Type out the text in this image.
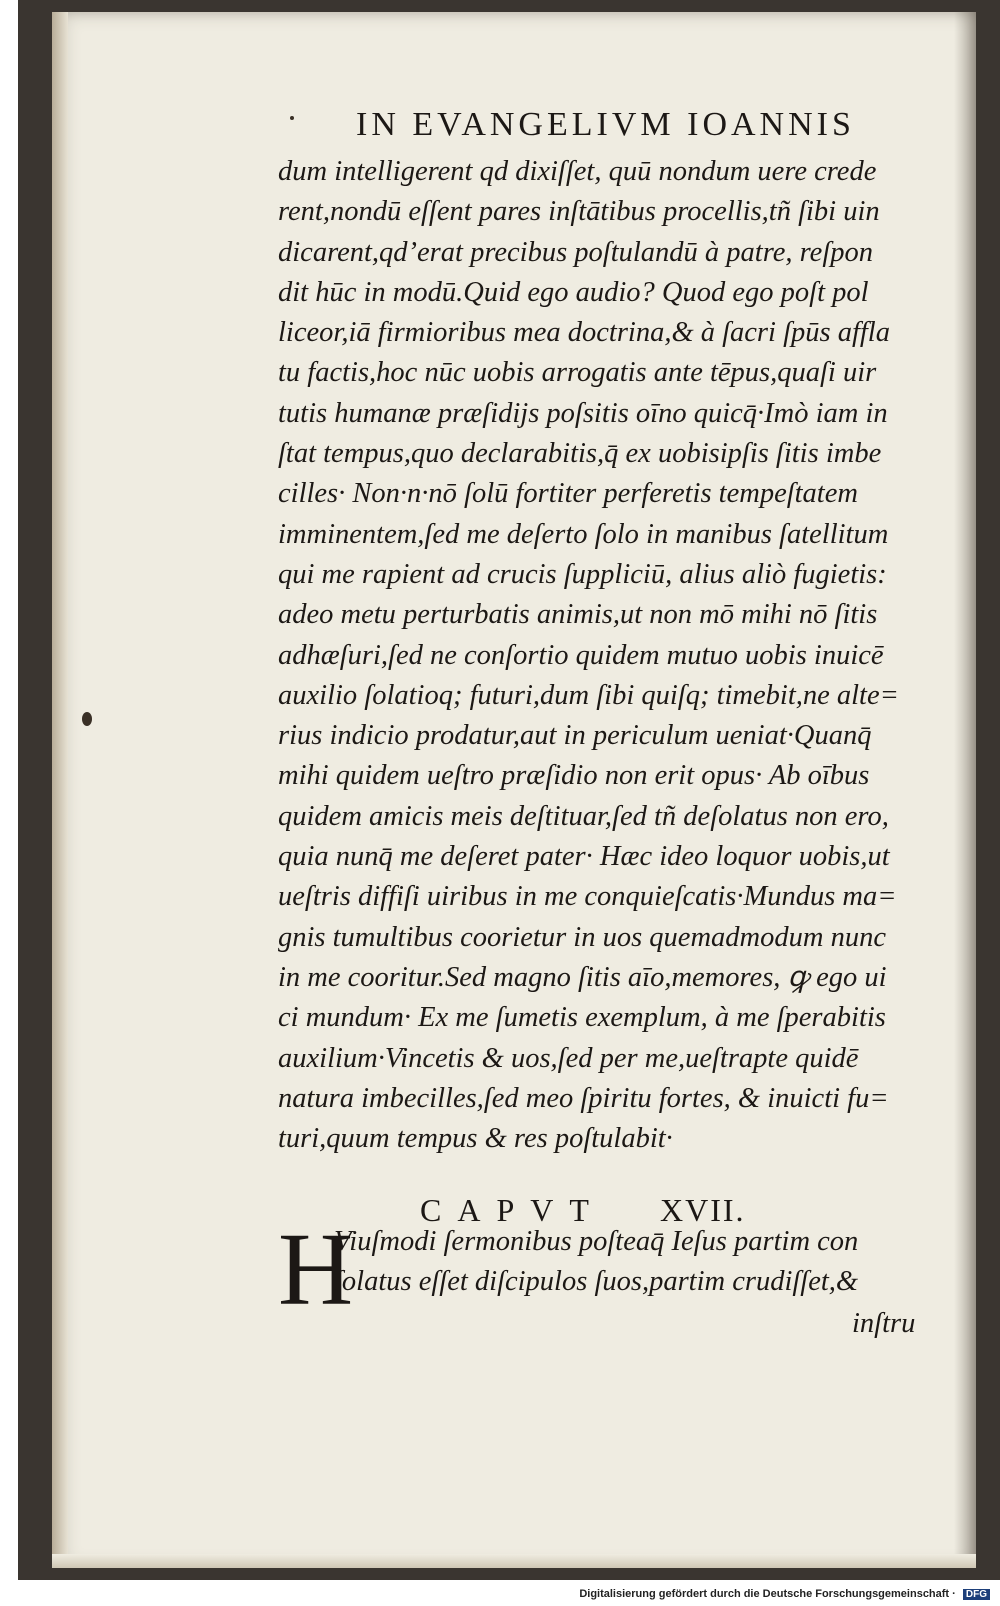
IN EVANGELIVM IOANNIS
dum intelligerent qd dixiſſet, quū nondum uere crede
rent,nondū eſſent pares inſtātibus procellis,tñ ſibi uin
dicarent,qd’erat precibus poſtulandū à patre, reſpon
dit hūc in modū.Quid ego audio? Quod ego poſt pol
liceor,iā firmioribus mea doctrina,& à ſacri ſpūs affla
tu factis,hoc nūc uobis arrogatis ante tēpus,quaſi uir
tutis humanæ præſidijs poſsitis oīno quicq̄·Imò iam in
ſtat tempus,quo declarabitis,q̄ ex uobisipſis ſitis imbe
cilles· Non·n·nō ſolū fortiter perferetis tempeſtatem
imminentem,ſed me deſerto ſolo in manibus ſatellitum
qui me rapient ad crucis ſuppliciū, alius aliò fugietis:
adeo metu perturbatis animis,ut non mō mihi nō ſitis
adhæſuri,ſed ne conſortio quidem mutuo uobis inuicē
auxilio ſolatioq; futuri,dum ſibi quiſq; timebit,ne alte=
rius indicio prodatur,aut in periculum ueniat·Quanq̄
mihi quidem ueſtro præſidio non erit opus· Ab oībus
quidem amicis meis deſtituar,ſed tñ deſolatus non ero,
quia nunq̄ me deſeret pater· Hæc ideo loquor uobis,ut
ueſtris diffiſi uiribus in me conquieſcatis·Mundus ma=
gnis tumultibus coorietur in uos quemadmodum nunc
in me cooritur.Sed magno ſitis aīo,memores, ꝙ ego ui
ci mundum· Ex me ſumetis exemplum, à me ſperabitis
auxilium·Vincetis & uos,ſed per me,ueſtrapte quidē
natura imbecilles,ſed meo ſpiritu fortes, & inuicti fu=
turi,quum tempus & res poſtulabit·
CAPVT XVII.
H
Viuſmodi ſermonibus poſteaq̄ Ieſus partim con
ſolatus eſſet diſcipulos ſuos,partim crudiſſet,&
inſtru
Digitalisierung gefördert durch die Deutsche Forschungsgemeinschaft · DFG
